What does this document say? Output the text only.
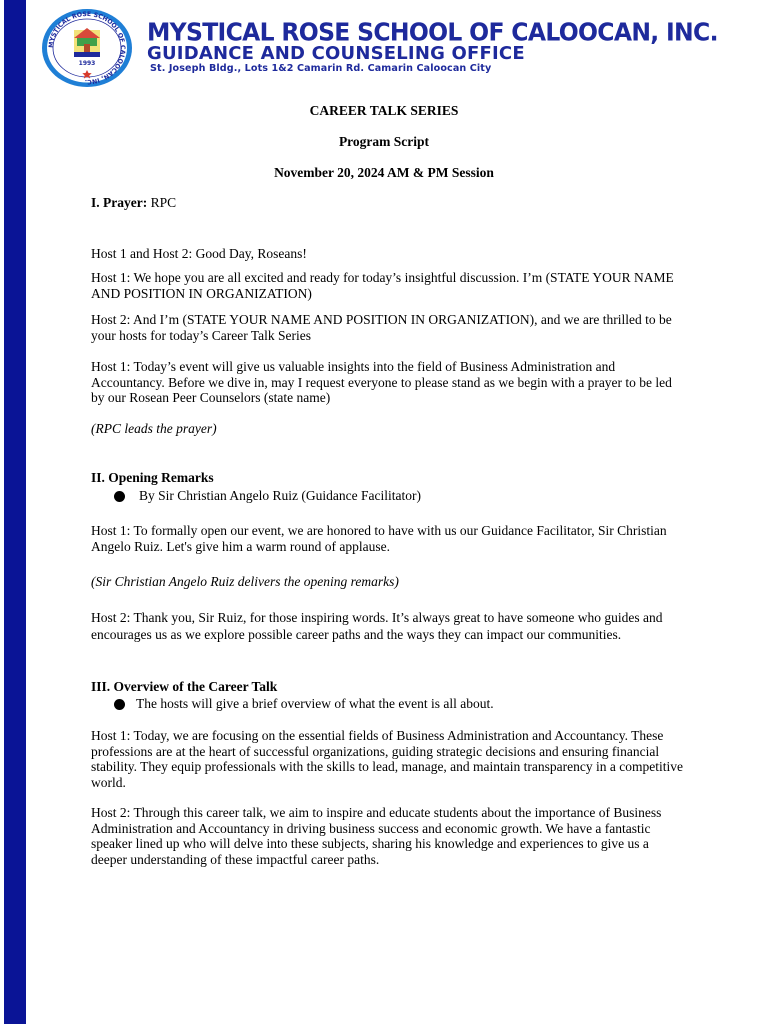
MYSTICAL ROSE SCHOOL OF CALOOCAN, INC.
1993
MYSTICAL ROSE SCHOOL OF CALOOCAN, INC.
GUIDANCE AND COUNSELING OFFICE
St. Joseph Bldg., Lots 1&2 Camarin Rd. Camarin Caloocan City
CAREER TALK SERIES
Program Script
November 20, 2024 AM & PM Session
I. Prayer: RPC
Host 1 and Host 2: Good Day, Roseans!
Host 1: We hope you are all excited and ready for today’s insightful discussion. I’m (STATE YOUR NAME AND POSITION IN ORGANIZATION)
Host 2: And I’m (STATE YOUR NAME AND POSITION IN ORGANIZATION), and we are thrilled to be your hosts for today’s Career Talk Series
Host 1: Today’s event will give us valuable insights into the field of Business Administration and Accountancy. Before we dive in, may I request everyone to please stand as we begin with a prayer to be led by our Rosean Peer Counselors (state name)
(RPC leads the prayer)
II. Opening Remarks
By Sir Christian Angelo Ruiz (Guidance Facilitator)
Host 1: To formally open our event, we are honored to have with us our Guidance Facilitator, Sir Christian Angelo Ruiz. Let's give him a warm round of applause.
(Sir Christian Angelo Ruiz delivers the opening remarks)
Host 2: Thank you, Sir Ruiz, for those inspiring words. It’s always great to have someone who guides and encourages us as we explore possible career paths and the ways they can impact our communities.
III. Overview of the Career Talk
The hosts will give a brief overview of what the event is all about.
Host 1: Today, we are focusing on the essential fields of Business Administration and Accountancy. These professions are at the heart of successful organizations, guiding strategic decisions and ensuring financial stability. They equip professionals with the skills to lead, manage, and maintain transparency in a competitive world.
Host 2: Through this career talk, we aim to inspire and educate students about the importance of Business Administration and Accountancy in driving business success and economic growth. We have a fantastic speaker lined up who will delve into these subjects, sharing his knowledge and experiences to give us a deeper understanding of these impactful career paths.
